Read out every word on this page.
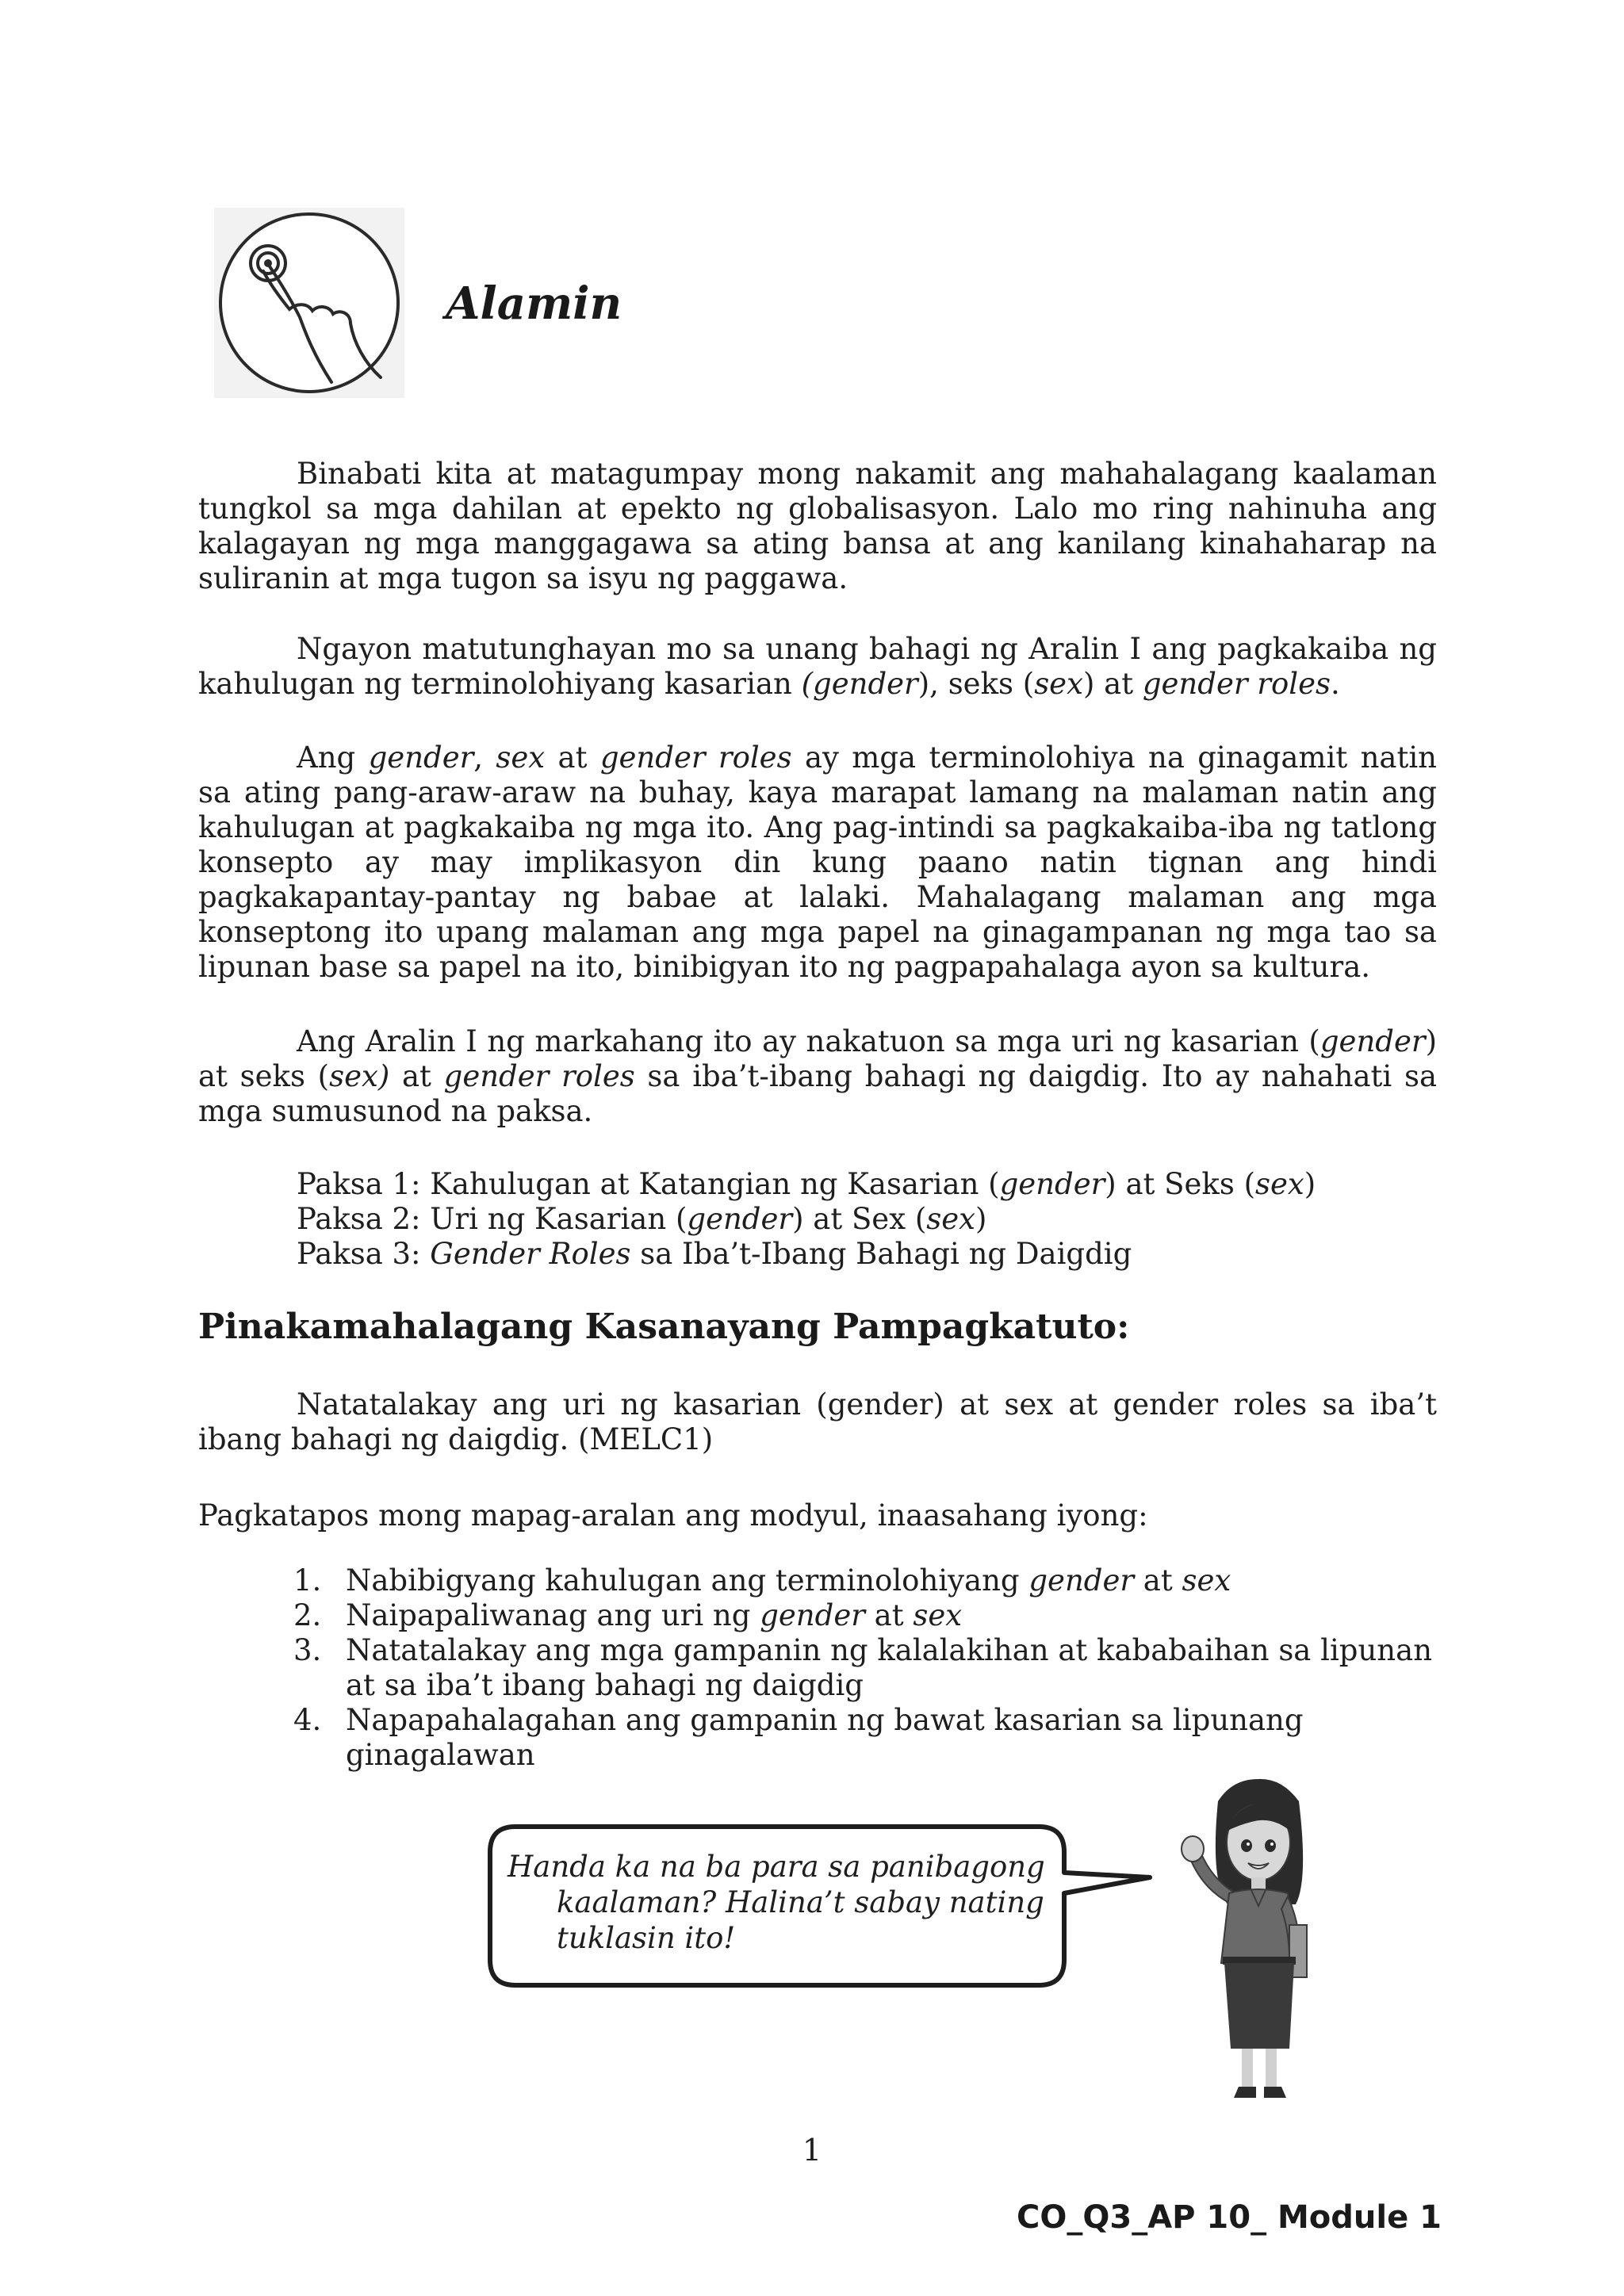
Alamin

Binabati kita at matagumpay mong nakamit ang mahahalagang kaalaman tungkol sa mga dahilan at epekto ng globalisasyon. Lalo mo ring nahinuha ang kalagayan ng mga manggagawa sa ating bansa at ang kanilang kinahaharap na suliranin at mga tugon sa isyu ng paggawa.

Ngayon matutunghayan mo sa unang bahagi ng Aralin I ang pagkakaiba ng kahulugan ng terminolohiyang kasarian (gender), seks (sex) at gender roles.

Ang gender, sex at gender roles ay mga terminolohiya na ginagamit natin sa ating pang-araw-araw na buhay, kaya marapat lamang na malaman natin ang kahulugan at pagkakaiba ng mga ito. Ang pag-intindi sa pagkakaiba-iba ng tatlong konsepto ay may implikasyon din kung paano natin tignan ang hindi pagkakapantay-pantay ng babae at lalaki. Mahalagang malaman ang mga konseptong ito upang malaman ang mga papel na ginagampanan ng mga tao sa lipunan base sa papel na ito, binibigyan ito ng pagpapahalaga ayon sa kultura.

Ang Aralin I ng markahang ito ay nakatuon sa mga uri ng kasarian (gender) at seks (sex) at gender roles sa iba’t-ibang bahagi ng daigdig. Ito ay nahahati sa mga sumusunod na paksa.

Paksa 1: Kahulugan at Katangian ng Kasarian (gender) at Seks (sex)

Paksa 2: Uri ng Kasarian (gender) at Sex (sex)

Paksa 3: Gender Roles sa Iba’t-Ibang Bahagi ng Daigdig

Pinakamahalagang Kasanayang Pampagkatuto:

Natatalakay ang uri ng kasarian (gender) at sex at gender roles sa iba’t ibang bahagi ng daigdig. (MELC1)

Pagkatapos mong mapag-aralan ang modyul, inaasahang iyong:

1. Nabibigyang kahulugan ang terminolohiyang gender at sex
2. Naipapaliwanag ang uri ng gender at sex
3. Natatalakay ang mga gampanin ng kalalakihan at kababaihan sa lipunan at sa iba’t ibang bahagi ng daigdig
4. Napapahalagahan ang gampanin ng bawat kasarian sa lipunang ginagalawan

Handa ka na ba para sa panibagong
kaalaman? Halina’t sabay nating
tuklasin ito!

1

CO_Q3_AP 10_ Module 1
